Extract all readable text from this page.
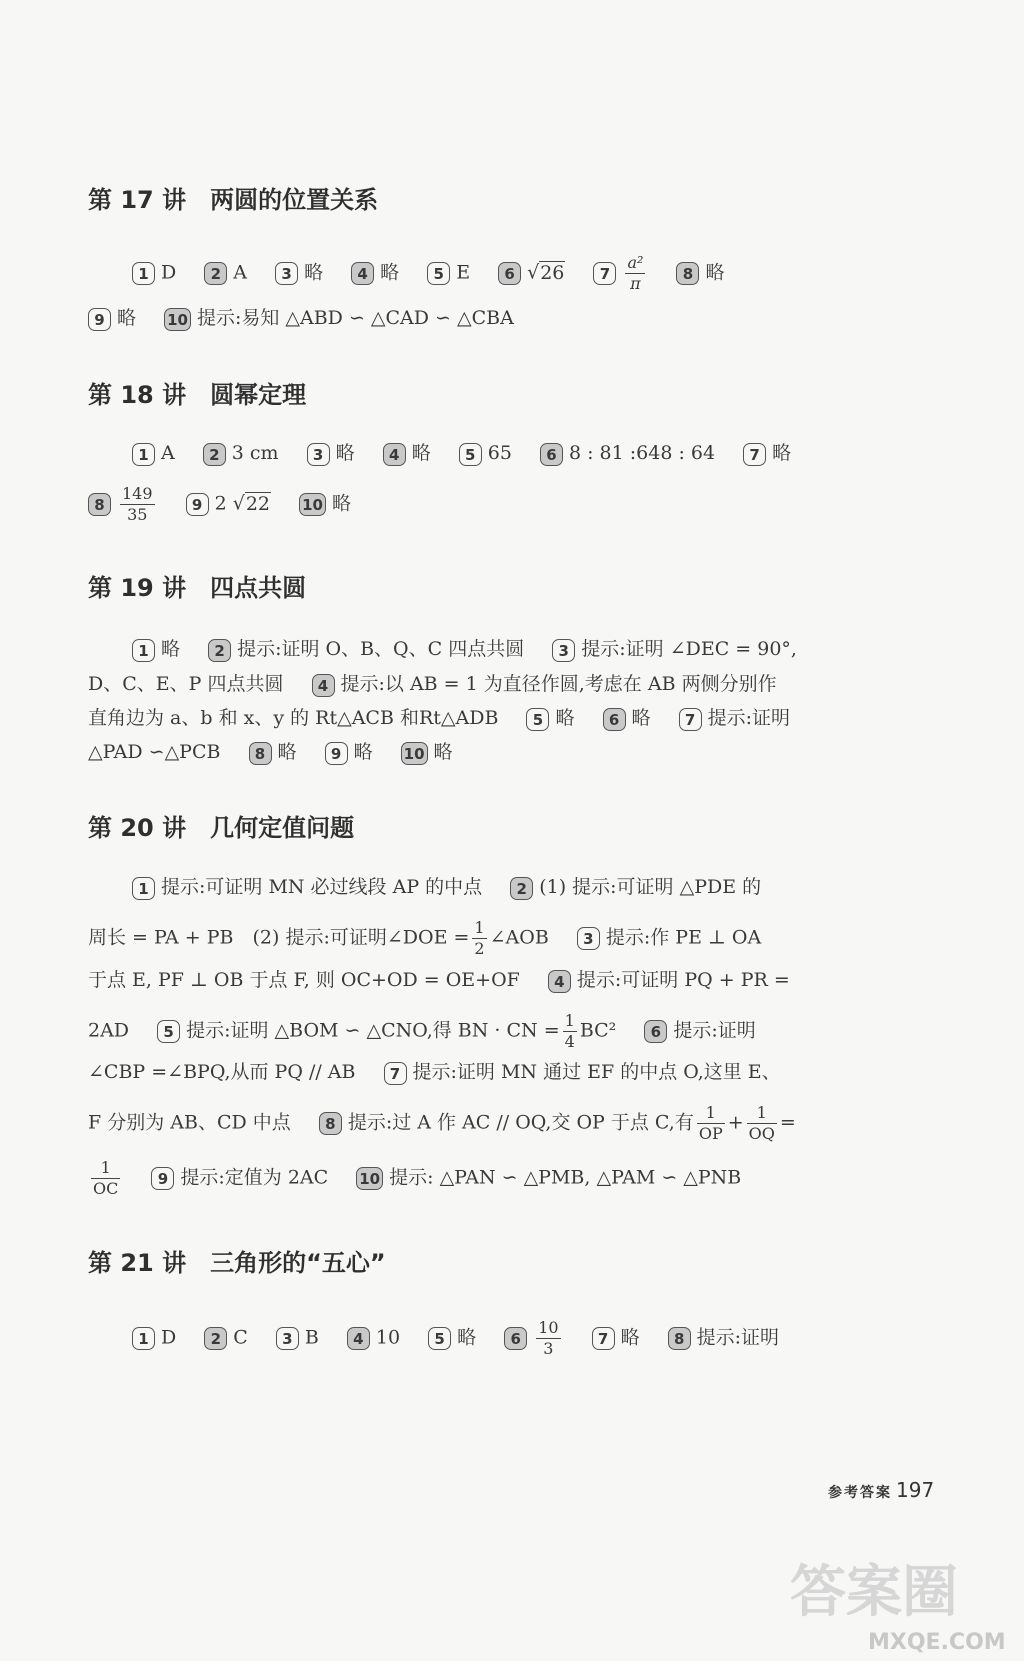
第 17 讲　两圆的位置关系

1 D 2 A 3 略 4 略 5 E 6 √26 $7 \frac{\text{a²}}{\pi} 8$ 略

9 略 10 提示:易知 △ABD ∽ △CAD ∽ △CBA

第 18 讲　圆幂定理

1 A 2 3 cm 3 略 4 略 5 65 6 8 : 81 :648 : 64 7 略

$8 \frac{149}{35} 9$ 2 √22 10 略

第 19 讲　四点共圆

1 略 2 提示:证明 O、B、Q、C 四点共圆 3 提示:证明 ∠DEC = 90°,

D、C、E、P 四点共圆 4 提示:以 AB = 1 为直径作圆,考虑在 AB 两侧分别作

直角边为 a、b 和 x、y 的 Rt△ACB 和Rt△ADB 5 略 6 略 7 提示:证明

△PAD ∽△PCB 8 略 9 略 10 略

第 20 讲　几何定值问题

1 提示:可证明 MN 必过线段 AP 的中点 2 (1) 提示:可证明 △PDE 的

周长 = PA + PB　(2) 提示:可证明∠DOE = $\frac{1}{2}$ ∠AOB 3 提示:作 PE ⊥ OA

于点 E, PF ⊥ OB 于点 F, 则 OC+OD = OE+OF 4 提示:可证明 PQ + PR =

2AD 5 提示:证明 △BOM ∽ △CNO,得 BN · CN = $\frac{1}{4} BC^2$ 6 提示:证明

∠CBP =∠BPQ,从而 PQ // AB 7 提示:证明 MN 通过 EF 的中点 O,这里 E、

F 分别为 AB、CD 中点 8 提示:过 A 作 AC // OQ,交 OP 于点 C,有 $\frac{1}{OP} + \frac{1}{OQ}$ =

$\frac{1}{OC} 9$ 提示:定值为 2AC 10 提示: △PAN ∽ △PMB, △PAM ∽ △PNB

第 21 讲　三角形的“五心”

1 D 2 C 3 B 4 10 5 略 $6 \frac{10}{3} 7$ 略 8 提示:证明

参考答案 197
答案圈
MXQE.COM
